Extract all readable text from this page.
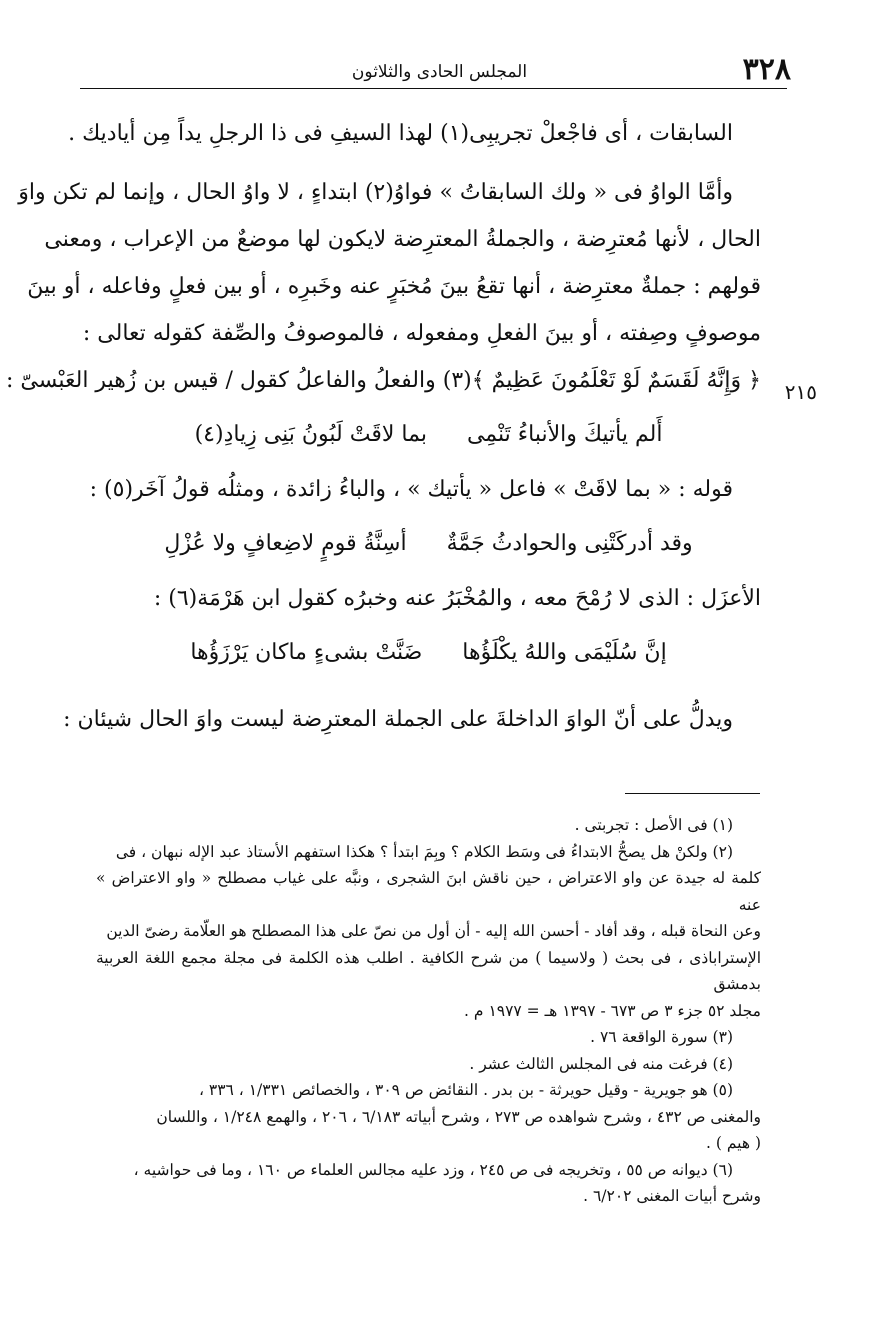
٣٢٨
المجلس الحادى والثلاثون
٢١٥
السابقات ، أى فاجْعلْ تجريبِى(١) لهذا السيفِ فى ذا الرجلِ يداً مِن أياديك .
وأمَّا الواوُ فى « ولك السابقاتُ » فواوُ(٢) ابتداءٍ ، لا واوُ الحال ، وإنما لم تكن واوَ
الحال ، لأنها مُعترِضة ، والجملةُ المعترِضة لايكون لها موضعٌ من الإعراب ، ومعنى
قولهم : جملةٌ معترِضة ، أنها تقعُ بينَ مُخبَرٍ عنه وخَبرِه ، أو بين فعلٍ وفاعله ، أو بينَ
موصوفٍ وصِفته ، أو بينَ الفعلِ ومفعوله ، فالموصوفُ والصِّفة كقوله تعالى :
﴿ وَإِنَّهُ لَقَسَمٌ لَوْ تَعْلَمُونَ عَظِيمٌ ﴾(٣) والفعلُ والفاعلُ كقول / قيس بن زُهير العَبْسىّ :
أَلم يأتيكَ والأنباءُ تَنْمِى
بما لاقَتْ لَبُونُ بَنِى زِيادِ(٤)
قوله : « بما لاقَتْ » فاعل « يأتيك » ، والباءُ زائدة ، ومثلُه قولُ آخَر(٥) :
وقد أدركَتْنِى والحوادثُ جَمَّةٌ
أسِنَّةُ قومٍ لاضِعافٍ ولا عُزْلِ
الأعزَل : الذى لا رُمْحَ معه ، والمُخْبَرُ عنه وخبرُه كقول ابن هَرْمَة(٦) :
إنَّ سُلَيْمَى واللهُ يكْلَؤُها
ضَنَّتْ بشىءٍ ماكان يَرْزَؤُها
ويدلُّ على أنّ الواوَ الداخلةَ على الجملة المعترِضة ليست واوَ الحال شيئان :
(١) فى الأصل : تجربتى .
(٢) ولكنْ هل يصحُّ الابتداءُ فى وسَط الكلام ؟ وبِمَ ابتدأ ؟ هكذا استفهم الأستاذ عبد الإله نبهان ، فى
كلمة له جيدة عن واو الاعتراض ، حين ناقش ابنَ الشجرى ، ونبَّه على غياب مصطلح « واو الاعتراض » عنه
وعن النحاة قبله ، وقد أفاد - أحسن الله إليه - أن أول من نصّ على هذا المصطلح هو العلّامة رضىّ الدين
الإستراباذى ، فى بحث ( ولاسيما ) من شرح الكافية . اطلب هذه الكلمة فى مجلة مجمع اللغة العربية بدمشق
مجلد ٥٢ جزء ٣ ص ٦٧٣ - ١٣٩٧ هـ = ١٩٧٧ م .
(٣) سورة الواقعة ٧٦ .
(٤) فرغت منه فى المجلس الثالث عشر .
(٥) هو جويرية - وقيل حويرثة - بن بدر . النقائض ص ٣٠٩ ، والخصائص ١/٣٣١ ، ٣٣٦ ،
والمغنى ص ٤٣٢ ، وشرح شواهده ص ٢٧٣ ، وشرح أبياته ٦/١٨٣ ، ٢٠٦ ، والهمع ١/٢٤٨ ، واللسان
( هيم ) .
(٦) ديوانه ص ٥٥ ، وتخريجه فى ص ٢٤٥ ، وزد عليه مجالس العلماء ص ١٦٠ ، وما فى حواشيه ،
وشرح أبيات المغنى ٦/٢٠٢ .
